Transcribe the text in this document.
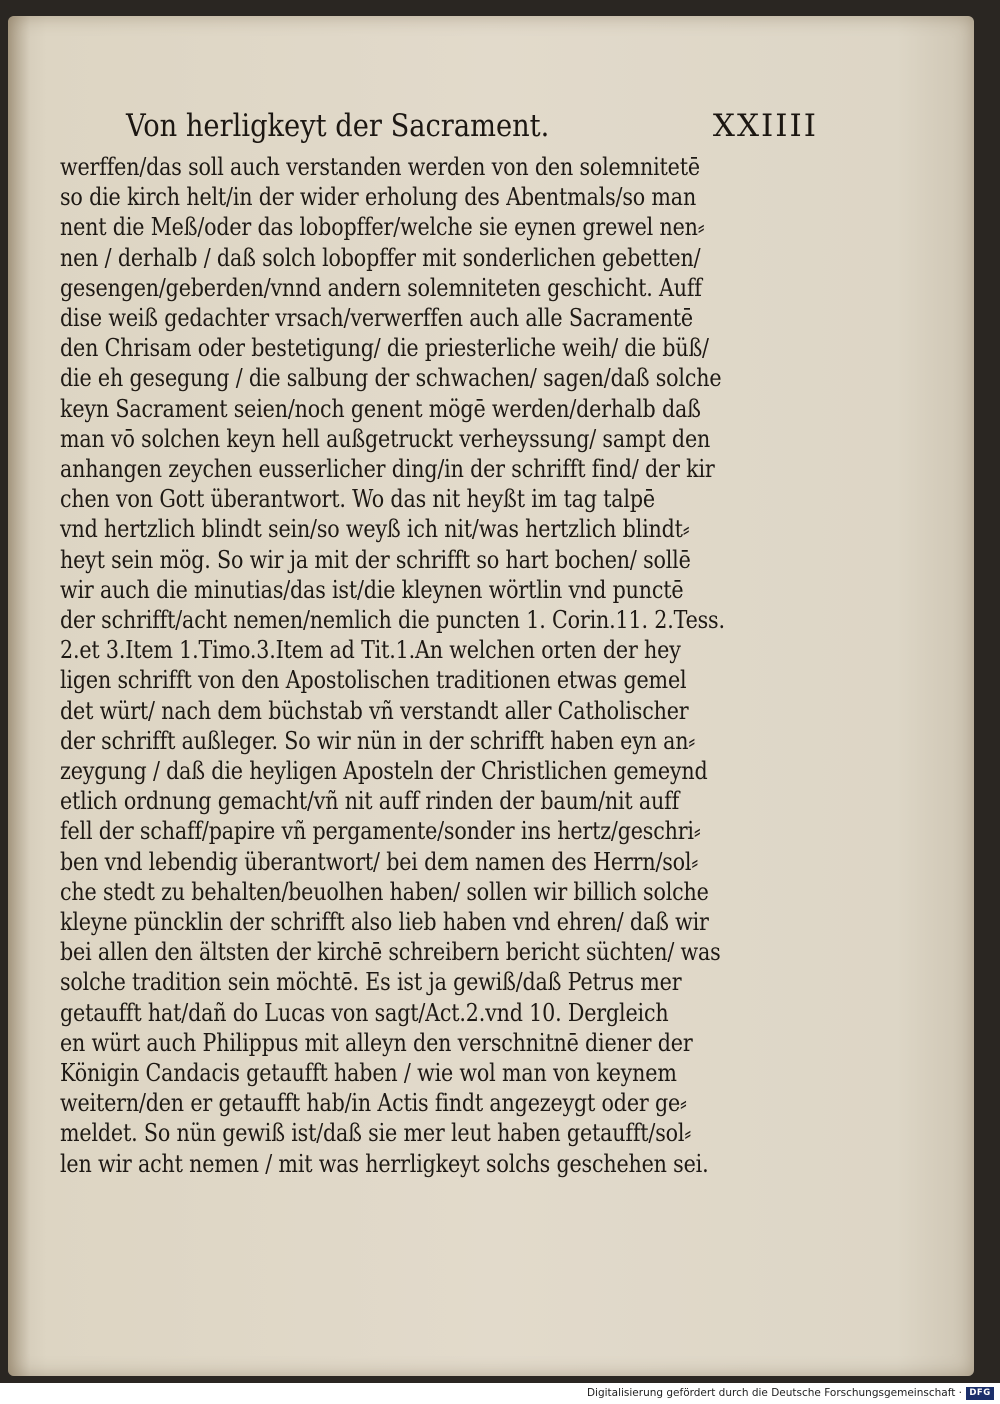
Von herligkeyt der Sacrament.	XXIIII
werffen/das soll auch verstanden werden von den solemnitetē
so die kirch helt/in der wider erholung des Abentmals/so man
nent die Meß/oder das lobopffer/welche sie eynen grewel nen⸗
nen / derhalb / daß solch lobopffer mit sonderlichen gebetten/
gesengen/geberden/vnnd andern solemniteten geschicht. Auff
dise weiß gedachter vrsach/verwerffen auch alle Sacramentē
den Chrisam oder bestetigung/ die priesterliche weih/ die büß/
die eh gesegung / die salbung der schwachen/ sagen/daß solche
keyn Sacrament seien/noch genent mögē werden/derhalb daß
man vō solchen keyn hell außgetruckt verheyssung/ sampt den
anhangen zeychen eusserlicher ding/in der schrifft find/ der kir
chen von Gott überantwort. Wo das nit heyßt im tag talpē
vnd hertzlich blindt sein/so weyß ich nit/was hertzlich blindt⸗
heyt sein mög. So wir ja mit der schrifft so hart bochen/ sollē
wir auch die minutias/das ist/die kleynen wörtlin vnd punctē
der schrifft/acht nemen/nemlich die puncten 1. Corin.11. 2.Tess.
2.et 3.Item 1.Timo.3.Item ad Tit.1.An welchen orten der hey
ligen schrifft von den Apostolischen traditionen etwas gemel
det würt/ nach dem büchstab vñ verstandt aller Catholischer
der schrifft außleger. So wir nün in der schrifft haben eyn an⸗
zeygung / daß die heyligen Aposteln der Christlichen gemeynd
etlich ordnung gemacht/vñ nit auff rinden der baum/nit auff
fell der schaff/papire vñ pergamente/sonder ins hertz/geschri⸗
ben vnd lebendig überantwort/ bei dem namen des Herrn/sol⸗
che stedt zu behalten/beuolhen haben/ sollen wir billich solche
kleyne püncklin der schrifft also lieb haben vnd ehren/ daß wir
bei allen den ältsten der kirchē schreibern bericht süchten/ was
solche tradition sein möchtē. Es ist ja gewiß/daß Petrus mer
getaufft hat/dañ do Lucas von sagt/Act.2.vnd 10. Dergleich
en würt auch Philippus mit alleyn den verschnitnē diener der
Königin Candacis getaufft haben / wie wol man von keynem
weitern/den er getaufft hab/in Actis findt angezeygt oder ge⸗
meldet. So nün gewiß ist/daß sie mer leut haben getaufft/sol⸗
len wir acht nemen / mit was herrligkeyt solchs geschehen sei.
Digitalisierung gefördert durch die Deutsche Forschungsgemeinschaft · DFG
